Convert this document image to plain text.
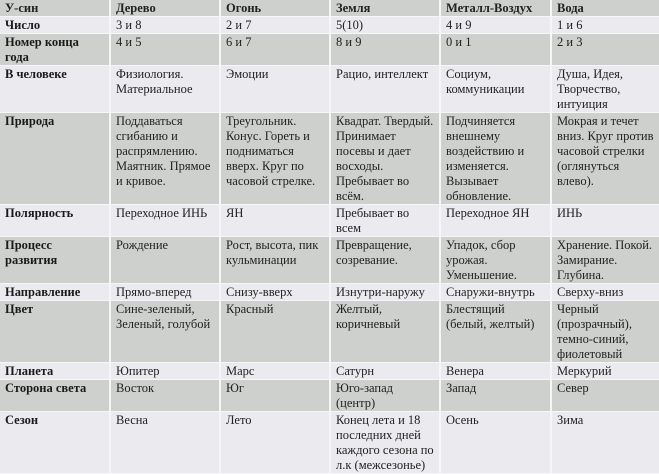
У-син	Дерево	Огонь	Земля	Металл-Воздух	Вода
Число	3 и 8	2 и 7	5(10)	4 и 9	1 и 6
Номер конца года	4 и 5	6 и 7	8 и 9	0 и 1	2 и 3
В человеке	Физиология. Материальное	Эмоции	Рацио, интеллект	Социум, коммуникации	Душа, Идея, Творчество, интуиция
Природа	Поддаваться сгибанию и распрямлению. Маятник. Прямое и кривое.	Треугольник. Конус. Гореть и подниматься вверх. Круг по часовой стрелке.	Квадрат. Твердый. Принимает посевы и дает восходы. Пребывает во всём.	Подчиняется внешнему воздействию и изменяется. Вызывает обновление.	Мокрая и течет вниз. Круг против часовой стрелки (оглянуться влево).
Полярность	Переходное ИНЬ	ЯН	Пребывает во всем	Переходное ЯН	ИНЬ
Процесс развития	Рождение	Рост, высота, пик кульминации	Превращение, созревание.	Упадок, сбор урожая. Уменьшение.	Хранение. Покой. Замирание. Глубина.
Направление	Прямо-вперед	Снизу-вверх	Изнутри-наружу	Снаружи-внутрь	Сверху-вниз
Цвет	Сине-зеленый, Зеленый, голубой	Красный	Желтый, коричневый	Блестящий (белый, желтый)	Черный (прозрачный), темно-синий, фиолетовый
Планета	Юпитер	Марс	Сатурн	Венера	Меркурий
Сторона света	Восток	Юг	Юго-запад (центр)	Запад	Север
Сезон	Весна	Лето	Конец лета и 18 последних дней каждого сезона по л.к (межсезонье)	Осень	Зима
